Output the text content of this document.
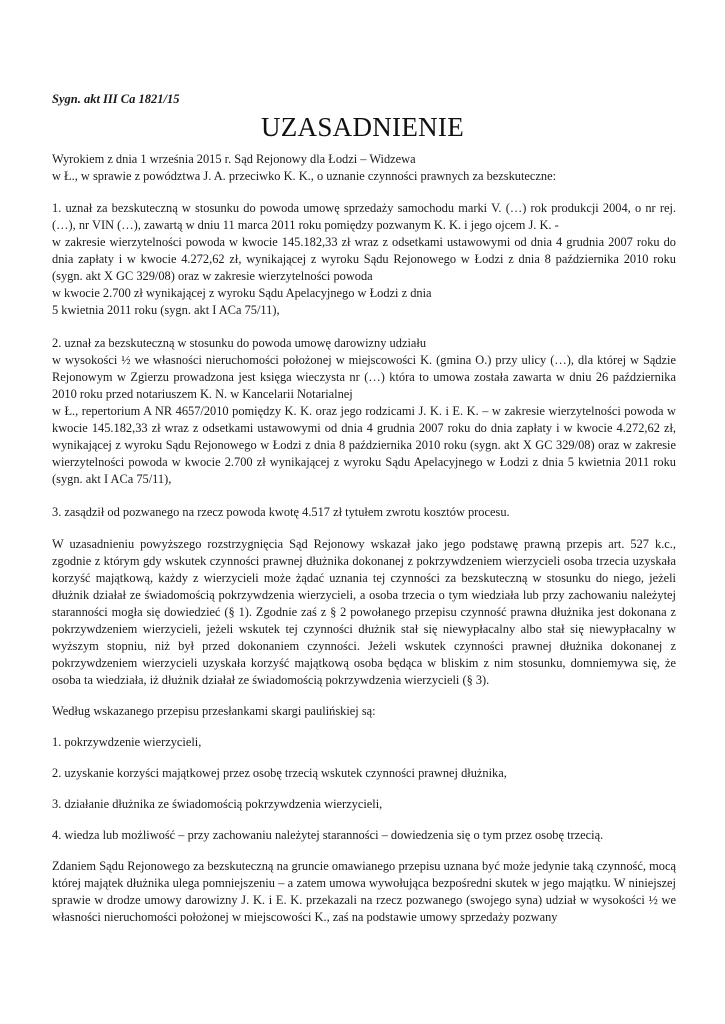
Sygn. akt III Ca 1821/15
UZASADNIENIE

Wyrokiem z dnia 1 września 2015 r. Sąd Rejonowy dla Łodzi – Widzewa

w Ł., w sprawie z powództwa J. A. przeciwko K. K., o uznanie czynności prawnych za bezskuteczne:

1. uznał za bezskuteczną w stosunku do powoda umowę sprzedaży samochodu marki V. (…) rok produkcji 2004, o nr rej. (…), nr VIN (…), zawartą w dniu 11 marca 2011 roku pomiędzy pozwanym K. K. i jego ojcem J. K. -

w zakresie wierzytelności powoda w kwocie 145.182,33 zł wraz z odsetkami ustawowymi od dnia 4 grudnia 2007 roku do dnia zapłaty i w kwocie 4.272,62 zł, wynikającej z wyroku Sądu Rejonowego w Łodzi z dnia 8 października 2010 roku (sygn. akt X GC 329/08) oraz w zakresie wierzytelności powoda

w kwocie 2.700 zł wynikającej z wyroku Sądu Apelacyjnego w Łodzi z dnia

5 kwietnia 2011 roku (sygn. akt I ACa 75/11),

2. uznał za bezskuteczną w stosunku do powoda umowę darowizny udziału

w wysokości ½ we własności nieruchomości położonej w miejscowości K. (gmina O.) przy ulicy (…), dla której w Sądzie Rejonowym w Zgierzu prowadzona jest księga wieczysta nr (…) która to umowa została zawarta w dniu 26 października 2010 roku przed notariuszem K. N. w Kancelarii Notarialnej

w Ł., repertorium A NR 4657/2010 pomiędzy K. K. oraz jego rodzicami J. K. i E. K. – w zakresie wierzytelności powoda w kwocie 145.182,33 zł wraz z odsetkami ustawowymi od dnia 4 grudnia 2007 roku do dnia zapłaty i w kwocie 4.272,62 zł, wynikającej z wyroku Sądu Rejonowego w Łodzi z dnia 8 października 2010 roku (sygn. akt X GC 329/08) oraz w zakresie wierzytelności powoda w kwocie 2.700 zł wynikającej z wyroku Sądu Apelacyjnego w Łodzi z dnia 5 kwietnia 2011 roku (sygn. akt I ACa 75/11),

3. zasądził od pozwanego na rzecz powoda kwotę 4.517 zł tytułem zwrotu kosztów procesu.

W uzasadnieniu powyższego rozstrzygnięcia Sąd Rejonowy wskazał jako jego podstawę prawną przepis art. 527 k.c., zgodnie z którym gdy wskutek czynności prawnej dłużnika dokonanej z pokrzywdzeniem wierzycieli osoba trzecia uzyskała korzyść majątkową, każdy z wierzycieli może żądać uznania tej czynności za bezskuteczną w stosunku do niego, jeżeli dłużnik działał ze świadomością pokrzywdzenia wierzycieli, a osoba trzecia o tym wiedziała lub przy zachowaniu należytej staranności mogła się dowiedzieć (§ 1). Zgodnie zaś z § 2 powołanego przepisu czynność prawna dłużnika jest dokonana z pokrzywdzeniem wierzycieli, jeżeli wskutek tej czynności dłużnik stał się niewypłacalny albo stał się niewypłacalny w wyższym stopniu, niż był przed dokonaniem czynności. Jeżeli wskutek czynności prawnej dłużnika dokonanej z pokrzywdzeniem wierzycieli uzyskała korzyść majątkową osoba będąca w bliskim z nim stosunku, domniemywa się, że osoba ta wiedziała, iż dłużnik działał ze świadomością pokrzywdzenia wierzycieli (§ 3).

Według wskazanego przepisu przesłankami skargi paulińskiej są:

1. pokrzywdzenie wierzycieli,

2. uzyskanie korzyści majątkowej przez osobę trzecią wskutek czynności prawnej dłużnika,

3. działanie dłużnika ze świadomością pokrzywdzenia wierzycieli,

4. wiedza lub możliwość – przy zachowaniu należytej staranności – dowiedzenia się o tym przez osobę trzecią.

Zdaniem Sądu Rejonowego za bezskuteczną na gruncie omawianego przepisu uznana być może jedynie taką czynność, mocą której majątek dłużnika ulega pomniejszeniu – a zatem umowa wywołująca bezpośredni skutek w jego majątku. W niniejszej sprawie w drodze umowy darowizny J. K. i E. K. przekazali na rzecz pozwanego (swojego syna) udział w wysokości ½ we własności nieruchomości położonej w miejscowości K., zaś na podstawie umowy sprzedaży pozwany
